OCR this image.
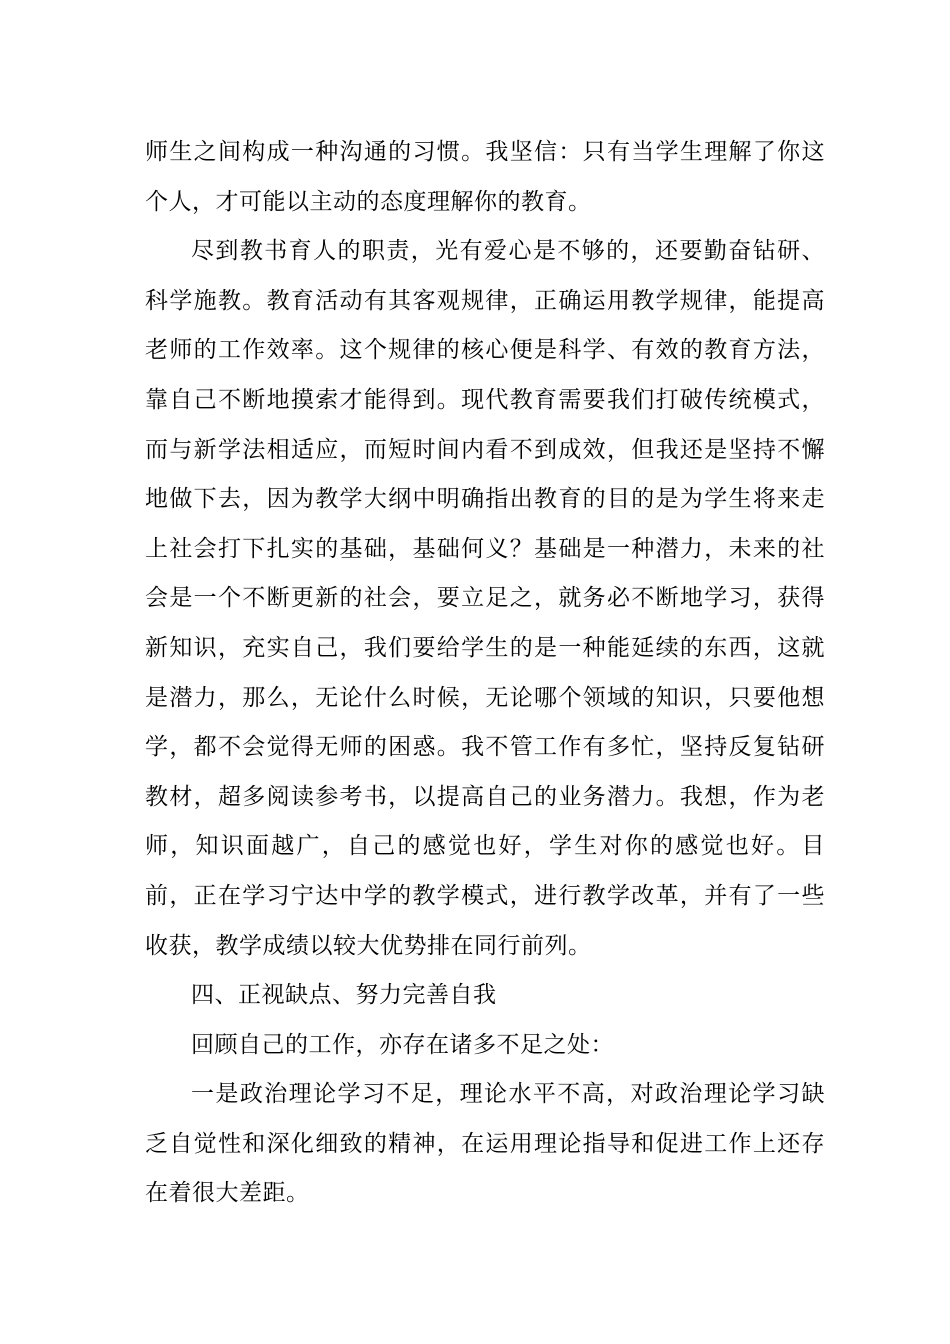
师生之间构成一种沟通的习惯。我坚信：只有当学生理解了你这个人，才可能以主动的态度理解你的教育。

尽到教书育人的职责，光有爱心是不够的，还要勤奋钻研、科学施教。教育活动有其客观规律，正确运用教学规律，能提高老师的工作效率。这个规律的核心便是科学、有效的教育方法，靠自己不断地摸索才能得到。现代教育需要我们打破传统模式，而与新学法相适应，而短时间内看不到成效，但我还是坚持不懈地做下去，因为教学大纲中明确指出教育的目的是为学生将来走上社会打下扎实的基础，基础何义？基础是一种潜力，未来的社会是一个不断更新的社会，要立足之，就务必不断地学习，获得新知识，充实自己，我们要给学生的是一种能延续的东西，这就是潜力，那么，无论什么时候，无论哪个领域的知识，只要他想学，都不会觉得无师的困惑。我不管工作有多忙，坚持反复钻研教材，超多阅读参考书，以提高自己的业务潜力。我想，作为老师，知识面越广，自己的感觉也好，学生对你的感觉也好。目前，正在学习宁达中学的教学模式，进行教学改革，并有了一些收获，教学成绩以较大优势排在同行前列。

四、正视缺点、努力完善自我

回顾自己的工作，亦存在诸多不足之处：

一是政治理论学习不足，理论水平不高，对政治理论学习缺乏自觉性和深化细致的精神，在运用理论指导和促进工作上还存在着很大差距。
